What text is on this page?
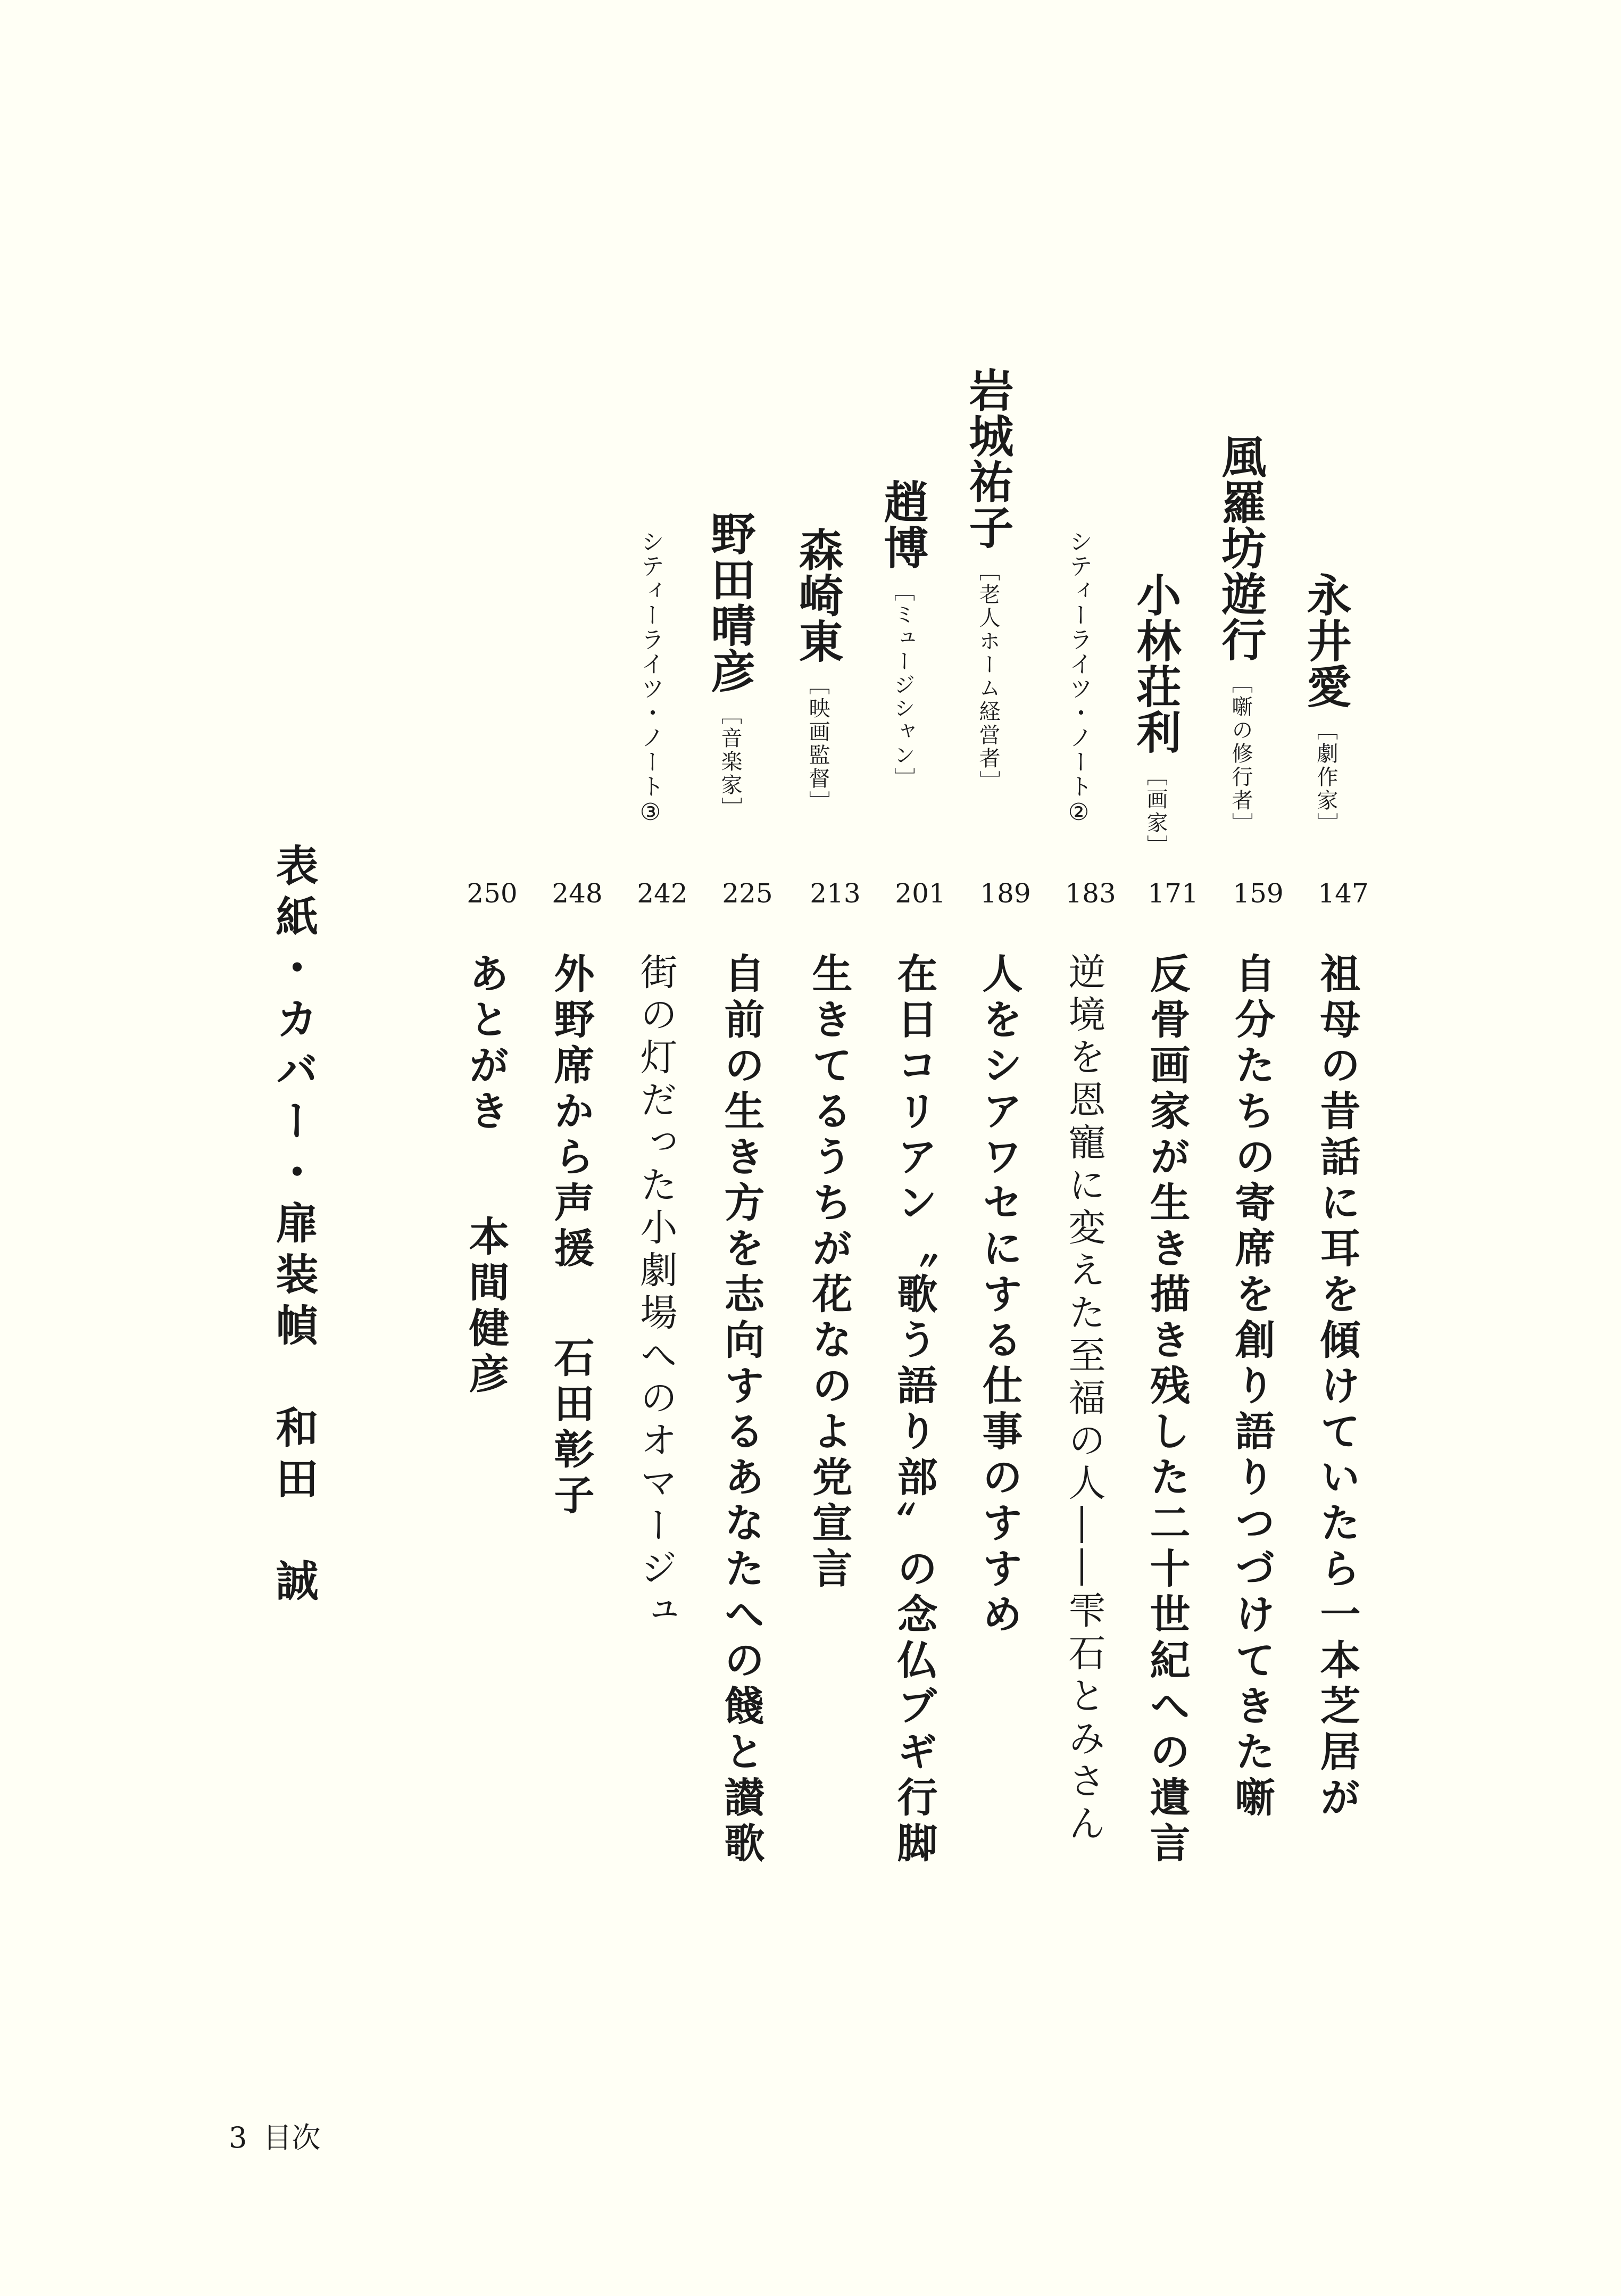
永井愛［劇作家］
147
祖母の昔話に耳を傾けていたら一本芝居が
風羅坊遊行［噺の修行者］
159
自分たちの寄席を創り語りつづけてきた噺
小林荘利［画家］
171
反骨画家が生き描き残した二十世紀への遺言
シティーライツ・ノート②
183
逆境を恩寵に変えた至福の人――雫石とみさん
岩城祐子［老人ホーム経営者］
189
人をシアワセにする仕事のすすめ
趙博［ミュージシャン］
201
在日コリアン〝歌う語り部〟の念仏ブギ行脚
森崎東［映画監督］
213
生きてるうちが花なのよ党宣言
野田晴彦［音楽家］
225
自前の生き方を志向するあなたへの餞と讃歌
シティーライツ・ノート③
242
街の灯だった小劇場へのオマージュ
248
外野席から声援石田彰子
250
あとがき本間健彦
表紙・カバー・扉装幀　和田　誠
3 目次
